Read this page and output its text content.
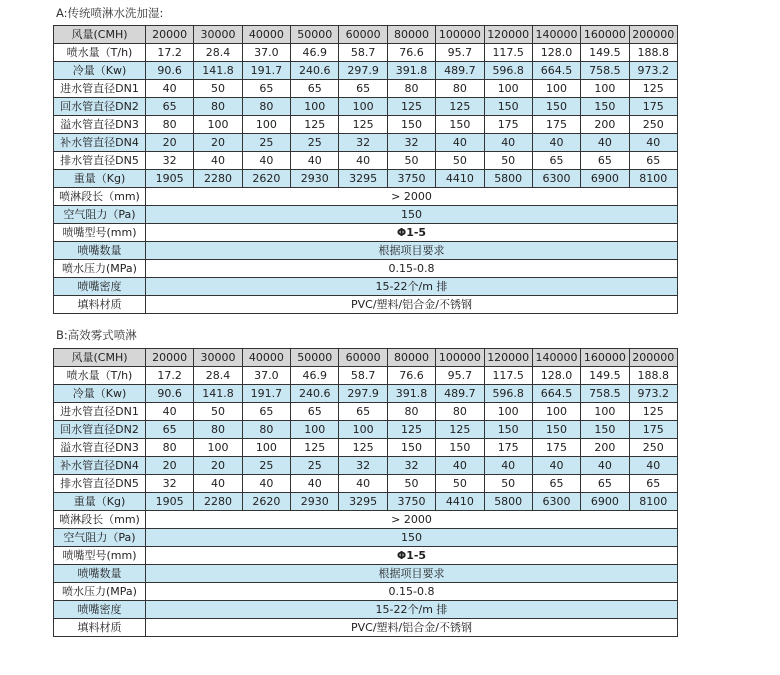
A:传统喷淋水洗加湿:
风量(CMH)	20000	30000	40000	50000	60000	80000	100000	120000	140000	160000	200000
喷水量（T/h)	17.2	28.4	37.0	46.9	58.7	76.6	95.7	117.5	128.0	149.5	188.8
冷量（Kw)	90.6	141.8	191.7	240.6	297.9	391.8	489.7	596.8	664.5	758.5	973.2
进水管直径DN1	40	50	65	65	65	80	80	100	100	100	125
回水管直径DN2	65	80	80	100	100	125	125	150	150	150	175
溢水管直径DN3	80	100	100	125	125	150	150	175	175	200	250
补水管直径DN4	20	20	25	25	32	32	40	40	40	40	40
排水管直径DN5	32	40	40	40	40	50	50	50	65	65	65
重量（Kg)	1905	2280	2620	2930	3295	3750	4410	5800	6300	6900	8100
喷淋段长（mm)	> 2000										
空气阻力（Pa)	150										
喷嘴型号(mm)	Φ1-5										
喷嘴数量	根据项目要求										
喷水压力(MPa)	0.15-0.8										
喷嘴密度	15-22个/m 排										
填料材质	PVC/塑料/铝合金/不锈钢										
B:高效雾式喷淋
风量(CMH)	20000	30000	40000	50000	60000	80000	100000	120000	140000	160000	200000
喷水量（T/h)	17.2	28.4	37.0	46.9	58.7	76.6	95.7	117.5	128.0	149.5	188.8
冷量（Kw)	90.6	141.8	191.7	240.6	297.9	391.8	489.7	596.8	664.5	758.5	973.2
进水管直径DN1	40	50	65	65	65	80	80	100	100	100	125
回水管直径DN2	65	80	80	100	100	125	125	150	150	150	175
溢水管直径DN3	80	100	100	125	125	150	150	175	175	200	250
补水管直径DN4	20	20	25	25	32	32	40	40	40	40	40
排水管直径DN5	32	40	40	40	40	50	50	50	65	65	65
重量（Kg)	1905	2280	2620	2930	3295	3750	4410	5800	6300	6900	8100
喷淋段长（mm)	> 2000										
空气阻力（Pa)	150										
喷嘴型号(mm)	Φ1-5										
喷嘴数量	根据项目要求										
喷水压力(MPa)	0.15-0.8										
喷嘴密度	15-22个/m 排										
填料材质	PVC/塑料/铝合金/不锈钢										
